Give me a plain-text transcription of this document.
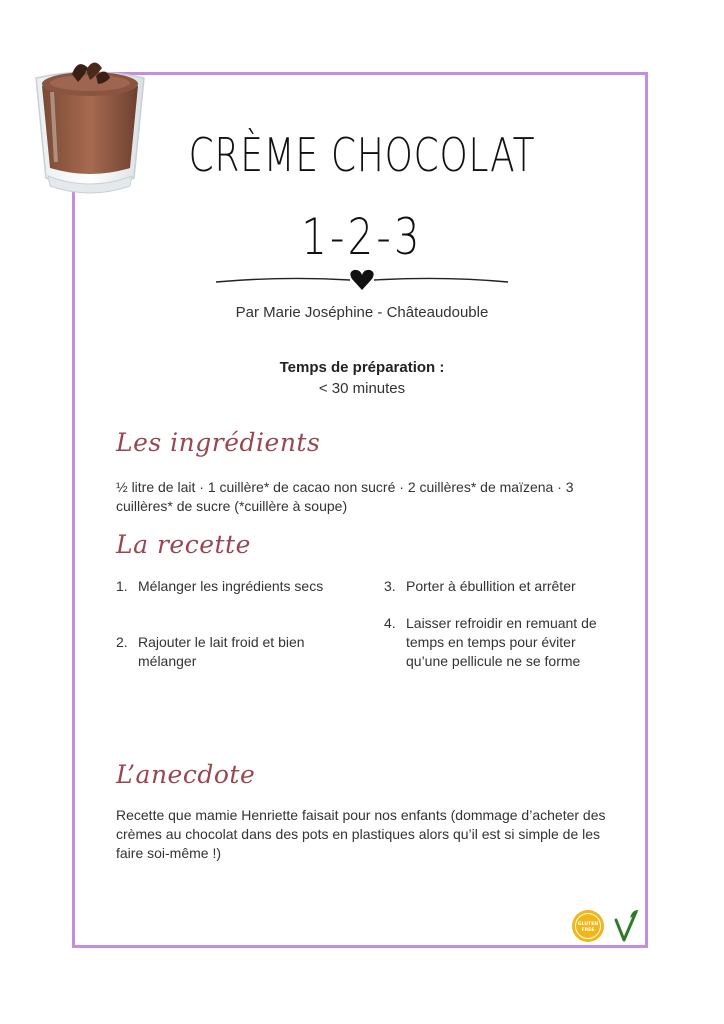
CRÈME CHOCOLAT
1-2-3
Par Marie Joséphine - Châteaudouble
Temps de préparation :
< 30 minutes
Les ingrédients
½ litre de lait · 1 cuillère* de cacao non sucré · 2 cuillères* de maïzena · 3 cuillères* de sucre (*cuillère à soupe)
La recette
1. Mélanger les ingrédients secs
2. Rajouter le lait froid et bien mélanger
3. Porter à ébullition et arrêter
4. Laisser refroidir en remuant de temps en temps pour éviter qu’une pellicule ne se forme
L’anecdote
Recette que mamie Henriette faisait pour nos enfants (dommage d’acheter des crèmes au chocolat dans des pots en plastiques alors qu’il est si simple de les faire soi-même !)
GLUTEN
FREE
